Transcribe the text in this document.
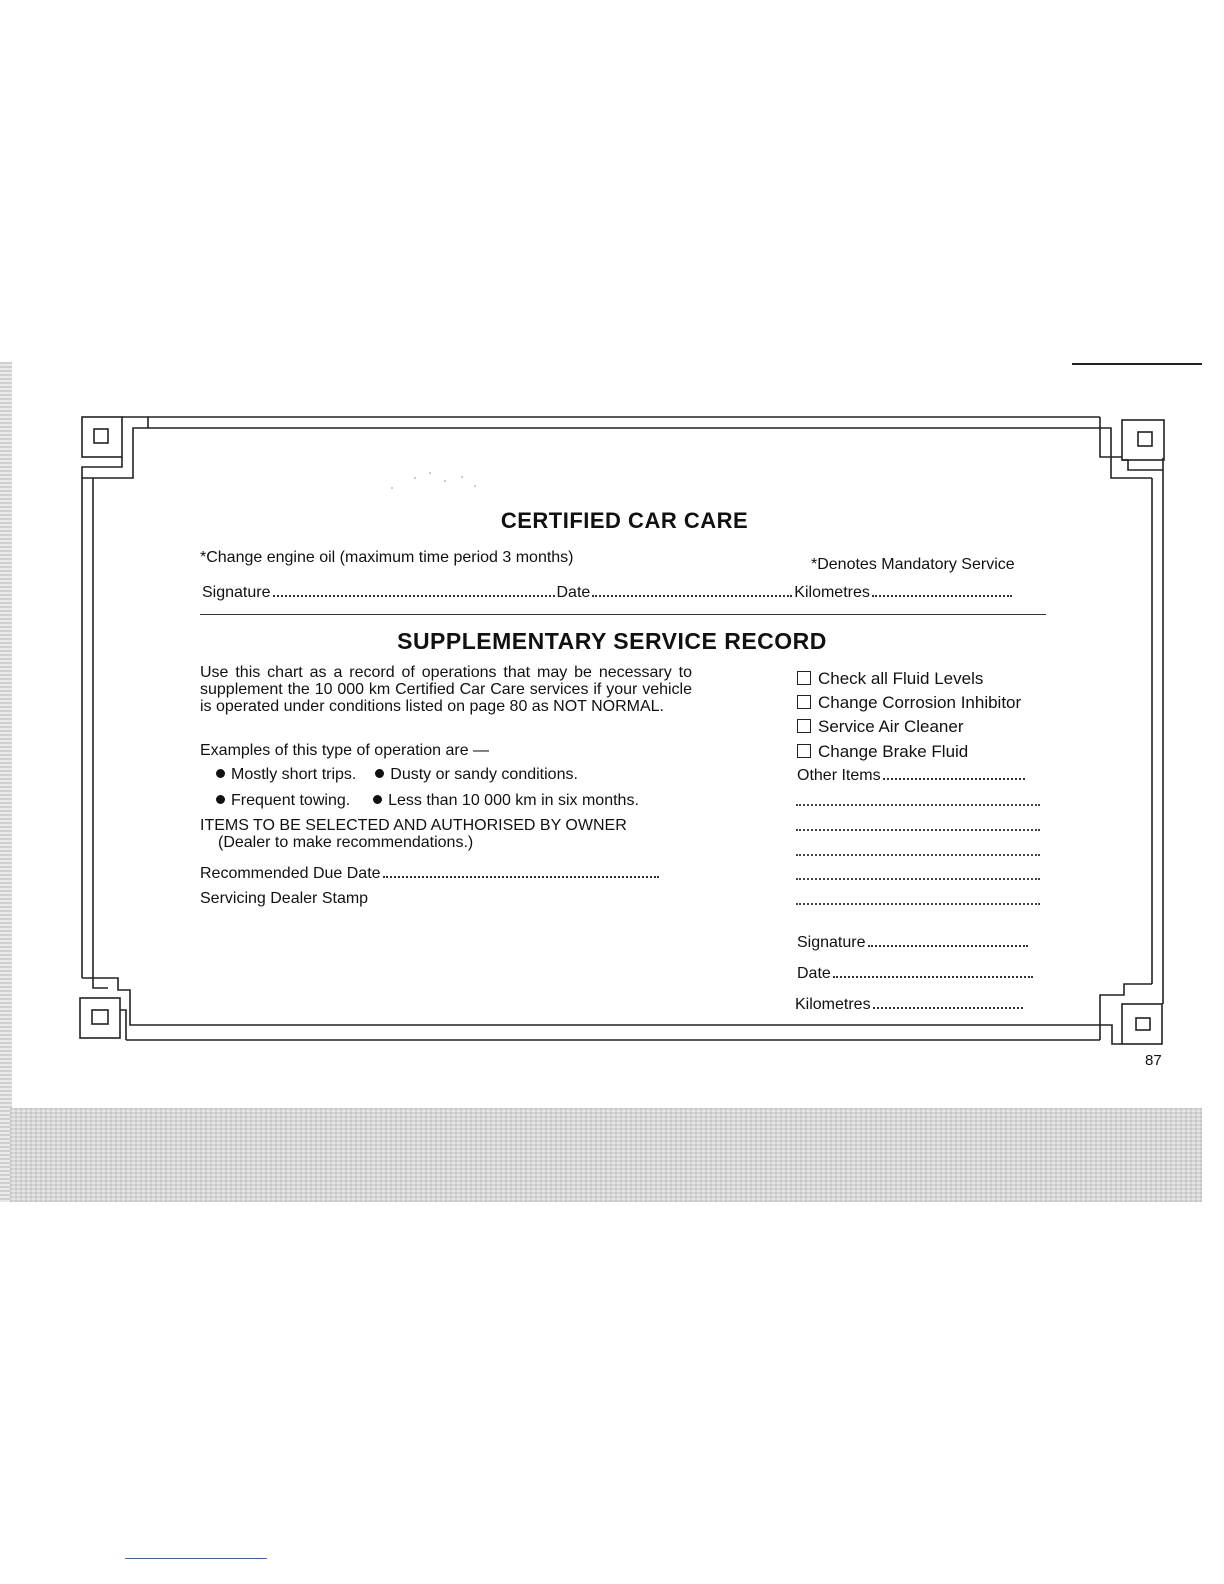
CERTIFIED CAR CARE
*Change engine oil (maximum time period 3 months)	*Denotes Mandatory Service
Signature	Date	Kilometres
SUPPLEMENTARY SERVICE RECORD
Use this chart as a record of operations that may be necessary to supplement the 10 000 km Certified Car Care services if your vehicle is operated under conditions listed on page 80 as NOT NORMAL.
Examples of this type of operation are —
Mostly short trips. Dusty or sandy conditions.
Frequent towing. Less than 10 000 km in six months.
ITEMS TO BE SELECTED AND AUTHORISED BY OWNER
(Dealer to make recommendations.)
Recommended Due Date
Servicing Dealer Stamp
Check all Fluid Levels
Change Corrosion Inhibitor
Service Air Cleaner
Change Brake Fluid
Other Items
Signature
Date
Kilometres
87
